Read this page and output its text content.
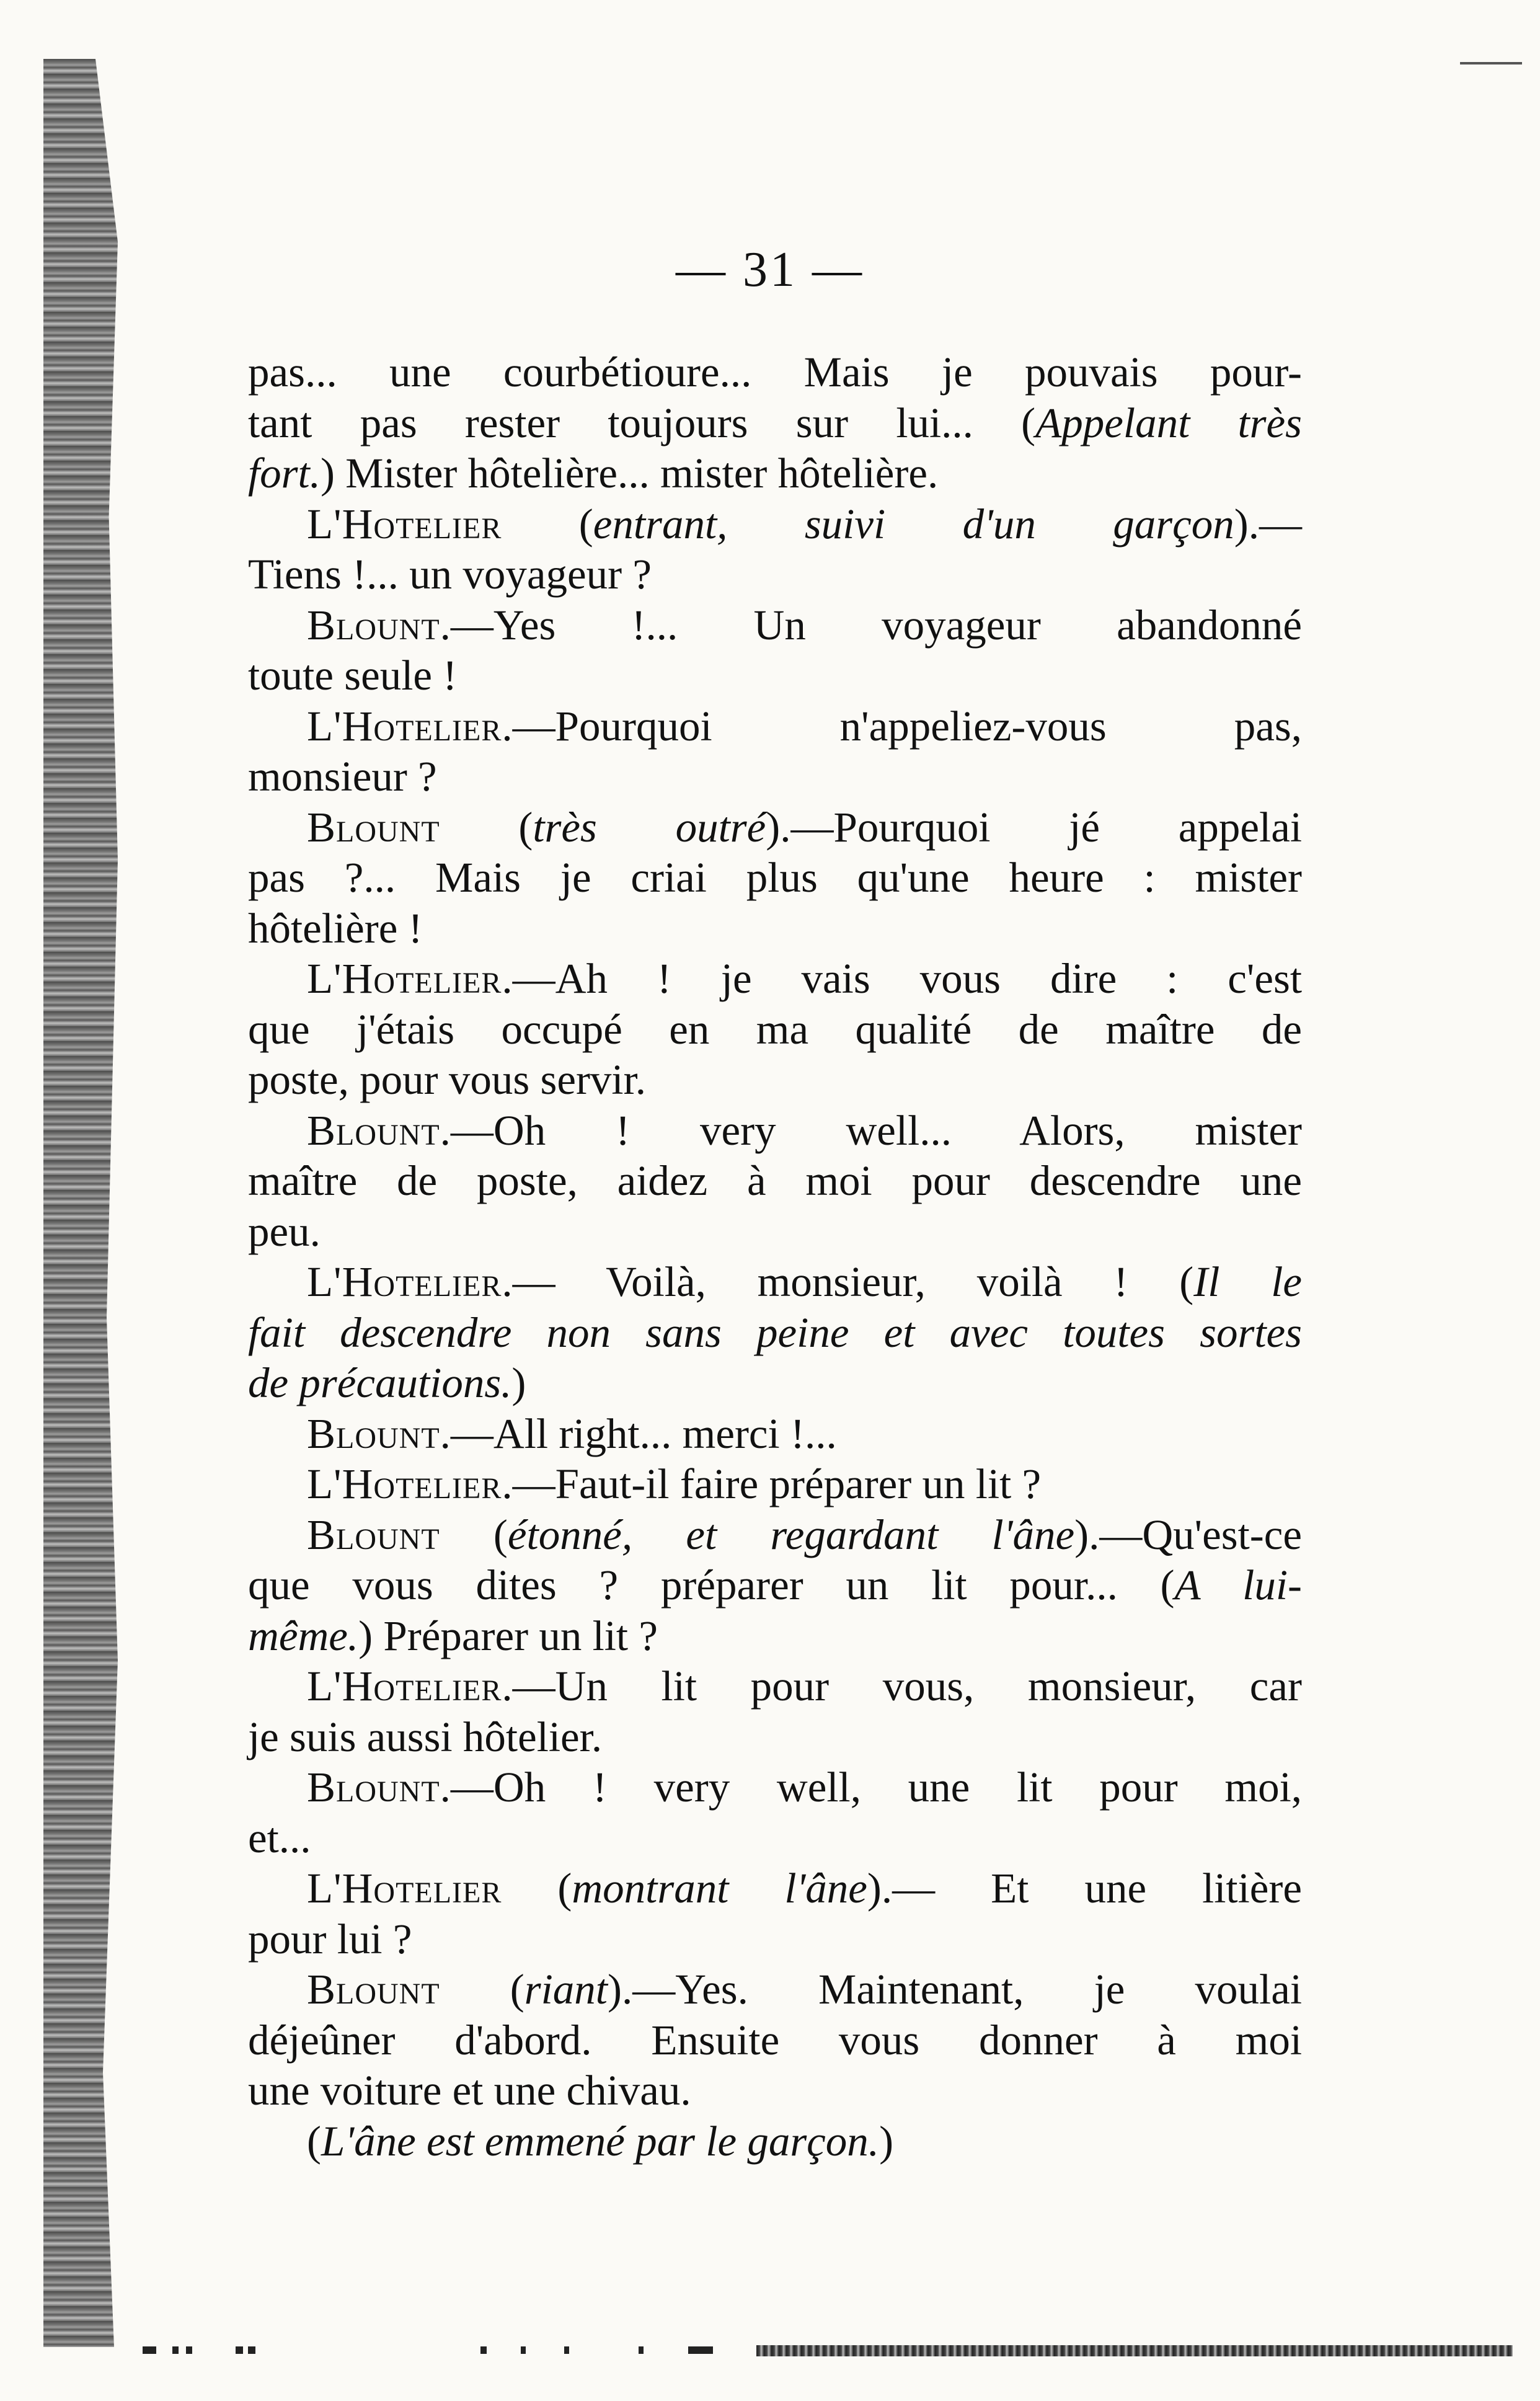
— 31 —
pas... une courbétioure... Mais je pouvais pour-
tant pas rester toujours sur lui... (Appelant très
fort.) Mister hôtelière... mister hôtelière.
L'Hotelier (entrant, suivi d'un garçon).—
Tiens !... un voyageur ?
Blount.—Yes !... Un voyageur abandonné
toute seule !
L'Hotelier.—Pourquoi n'appeliez-vous pas,
monsieur ?
Blount (très outré).—Pourquoi jé appelai
pas ?... Mais je criai plus qu'une heure : mister
hôtelière !
L'Hotelier.—Ah ! je vais vous dire : c'est
que j'étais occupé en ma qualité de maître de
poste, pour vous servir.
Blount.—Oh ! very well... Alors, mister
maître de poste, aidez à moi pour descendre une
peu.
L'Hotelier.— Voilà, monsieur, voilà ! (Il le
fait descendre non sans peine et avec toutes sortes
de précautions.)
Blount.—All right... merci !...
L'Hotelier.—Faut-il faire préparer un lit ?
Blount (étonné, et regardant l'âne).—Qu'est-ce
que vous dites ? préparer un lit pour... (A lui-
même.) Préparer un lit ?
L'Hotelier.—Un lit pour vous, monsieur, car
je suis aussi hôtelier.
Blount.—Oh ! very well, une lit pour moi,
et...
L'Hotelier (montrant l'âne).— Et une litière
pour lui ?
Blount (riant).—Yes. Maintenant, je voulai
déjeûner d'abord. Ensuite vous donner à moi
une voiture et une chivau.
(L'âne est emmené par le garçon.)
